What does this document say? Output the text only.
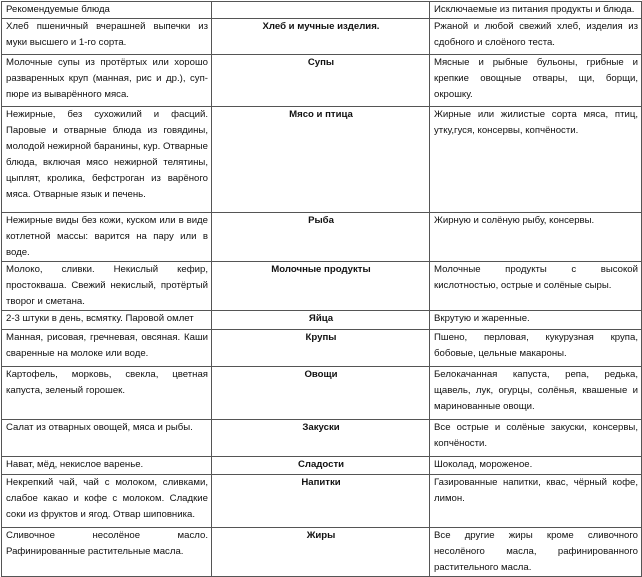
Рекомендуемые блюда		Исключаемые из питания продукты и блюда.
Хлеб пшеничный вчерашней выпечки из муки высшего и 1-го сорта.	Хлеб и мучные изделия.	Ржаной и любой свежий хлеб, изделия из сдобного и слоёного теста.
Молочные супы из протёртых или хорошо разваренных круп (манная, рис и др.), суп-пюре из выварённого мяса.	Супы	Мясные и рыбные бульоны, грибные и крепкие овощные отвары, щи, борщи, окрошку.
Нежирные, без сухожилий и фасций. Паровые и отварные блюда из говядины, молодой нежирной баранины, кур. Отварные блюда, включая мясо нежирной телятины, цыплят, кролика, бефстроган из варёного мяса. Отварные язык и печень.	Мясо и птица	Жирные или жилистые сорта мяса, птиц, утку,гуся, консервы, копчёности.
Нежирные виды без кожи, куском или в виде котлетной массы: варится на пару или в воде.	Рыба	Жирную и солёную рыбу, консервы.
Молоко, сливки. Некислый кефир, простокваша. Свежий некислый, протёртый творог и сметана.	Молочные продукты	Молочные продукты с высокой кислотностью, острые и солёные сыры.
2-3 штуки в день, всмятку. Паровой омлет	Яйца	Вкрутую и жаренные.
Манная, рисовая, гречневая, овсяная. Каши сваренные на молоке или воде.	Крупы	Пшено, перловая, кукурузная крупа, бобовые, цельные макароны.
Картофель, морковь, свекла, цветная капуста, зеленый горошек.	Овощи	Белокачанная капуста, репа, редька, щавель, лук, огурцы, солёнья, квашеные и маринованные овощи.
Салат из отварных овощей, мяса и рыбы.	Закуски	Все острые и солёные закуски, консервы, копчёности.
Нават, мёд, некислое варенье.	Сладости	Шоколад, мороженое.
Некрепкий чай, чай с молоком, сливками, слабое какао и кофе с молоком. Сладкие соки из фруктов и ягод. Отвар шиповника.	Напитки	Газированные напитки, квас, чёрный кофе, лимон.
Сливочное несолёное масло. Рафинированные растительные масла.	Жиры	Все другие жиры кроме сливочного несолёного масла, рафинированного растительного масла.
